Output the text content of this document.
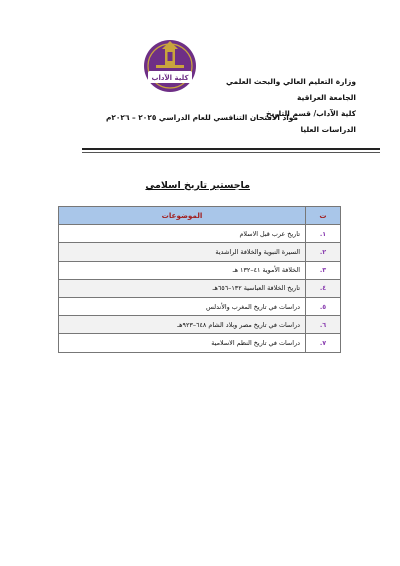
وزارة التعليم العالي والبحث العلمي
الجامعة العراقية
كلية الآداب/ قسم التاريخ
الدراسات العليا
كلية الآداب
مواد الامتحان التنافسي للعام الدراسي ٢٠٢٥ – ٢٠٢٦م
ماجستير تاريخ اسلامي
ت	الموضوعات
١.	تاريخ عرب قبل الاسلام
٢.	السيرة النبوية والخلافة الراشدية
٣.	الخلافة الأموية ٤١–١٣٢ هـ
٤.	تاريخ الخلافة العباسية ١٣٢–٦٥٦هـ
٥.	دراسات في تاريخ المغرب والأندلس
٦.	دراسات في تاريخ مصر وبلاد الشام ٦٤٨–٩٢٣هـ
٧.	دراسات في تاريخ النظم الاسلامية
